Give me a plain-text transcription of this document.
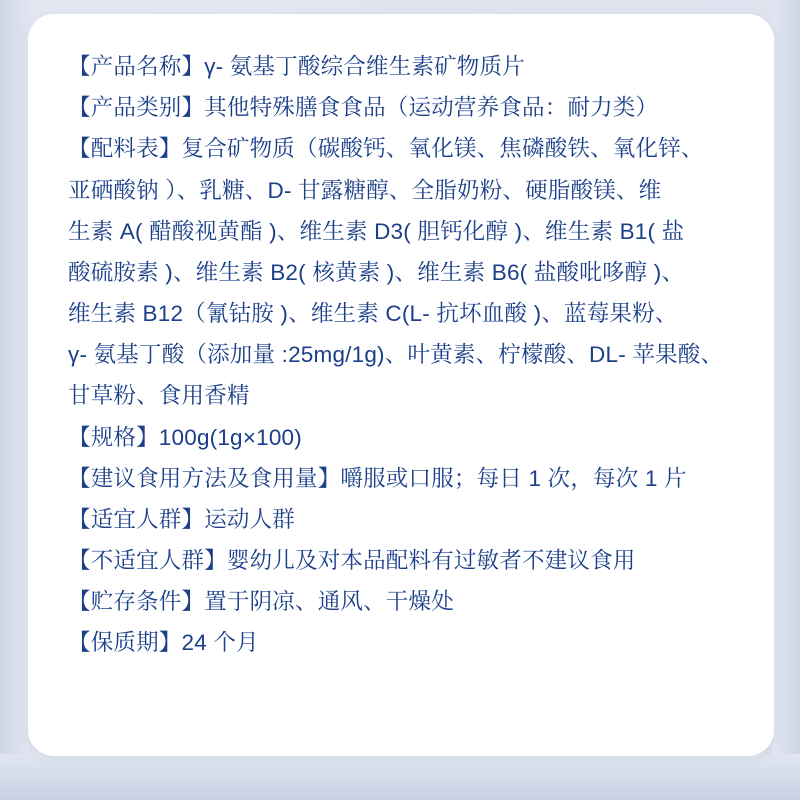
【产品名称】γ- 氨基丁酸综合维生素矿物质片

【产品类别】其他特殊膳食食品（运动营养食品：耐力类）

【配料表】复合矿物质（碳酸钙、氧化镁、焦磷酸铁、氧化锌、

亚硒酸钠 ）、乳糖、D- 甘露糖醇、全脂奶粉、硬脂酸镁、维

生素 A( 醋酸视黄酯 )、维生素 D3( 胆钙化醇 )、维生素 B1( 盐

酸硫胺素 )、维生素 B2( 核黄素 )、维生素 B6( 盐酸吡哆醇 )、

维生素 B12（氰钴胺 )、维生素 C(L- 抗坏血酸 )、蓝莓果粉、

γ- 氨基丁酸（添加量 :25mg/1g)、叶黄素、柠檬酸、DL- 苹果酸、

甘草粉、食用香精

【规格】100g(1g×100)

【建议食用方法及食用量】嚼服或口服；每日 1 次，每次 1 片

【适宜人群】运动人群

【不适宜人群】婴幼儿及对本品配料有过敏者不建议食用

【贮存条件】置于阴凉、通风、干燥处

【保质期】24 个月
